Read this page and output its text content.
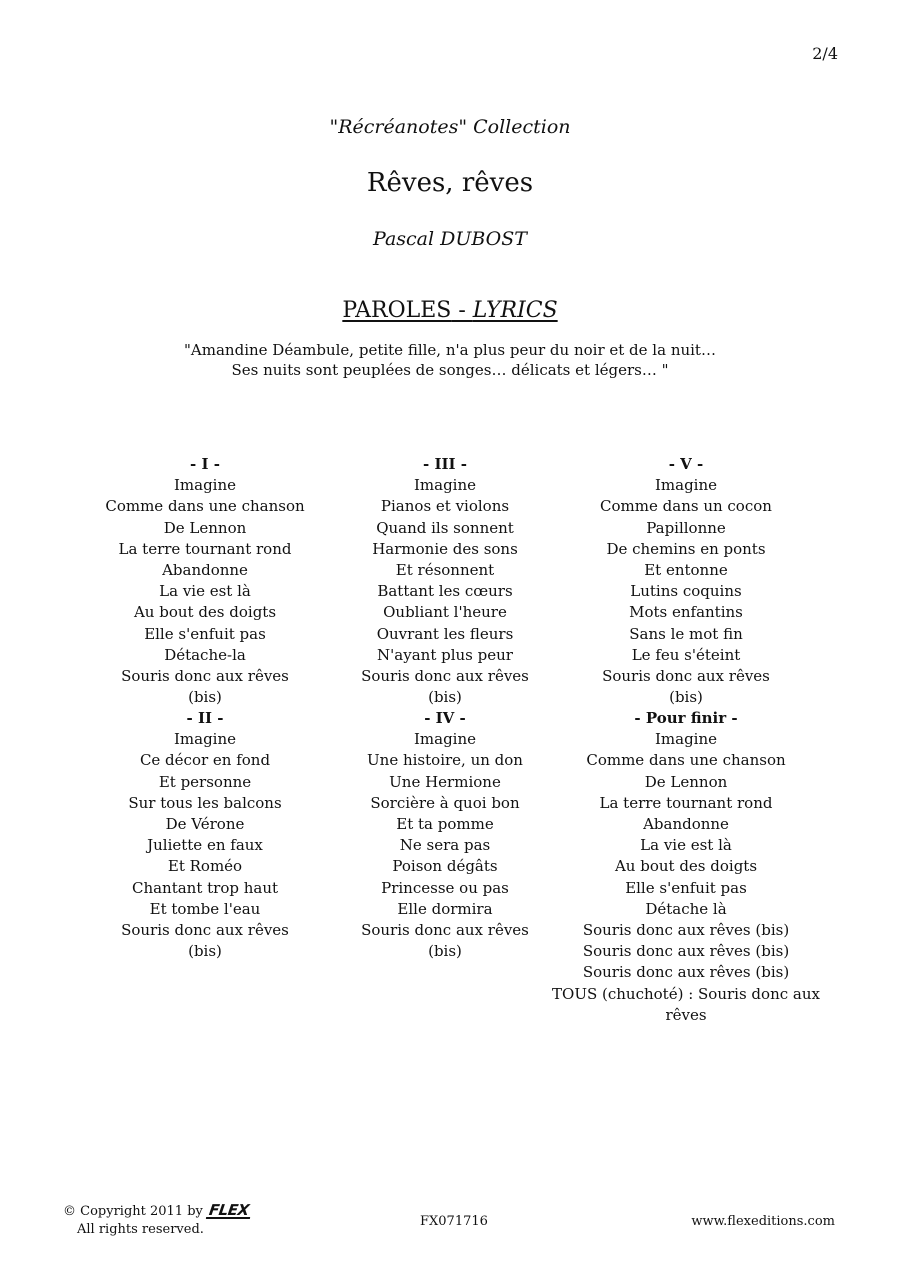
2/4
"Récréanotes" Collection
Rêves, rêves
Pascal DUBOST
PAROLES - LYRICS
"Amandine Déambule, petite fille, n'a plus peur du noir et de la nuit…
Ses nuits sont peuplées de songes… délicats et légers… "
- I -
Imagine
Comme dans une chanson
De Lennon
La terre tournant rond
Abandonne
La vie est là
Au bout des doigts
Elle s'enfuit pas
Détache-la
Souris donc aux rêves (bis)
- III -
Imagine
Pianos et violons
Quand ils sonnent
Harmonie des sons
Et résonnent
Battant les cœurs
Oubliant l'heure
Ouvrant les fleurs
N'ayant plus peur
Souris donc aux rêves (bis)
- V -
Imagine
Comme dans un cocon
Papillonne
De chemins en ponts
Et entonne
Lutins coquins
Mots enfantins
Sans le mot fin
Le feu s'éteint
Souris donc aux rêves (bis)
- II -
Imagine
Ce décor en fond
Et personne
Sur tous les balcons
De Vérone
Juliette en faux
Et Roméo
Chantant trop haut
Et tombe l'eau
Souris donc aux rêves (bis)
- IV -
Imagine
Une histoire, un don
Une Hermione
Sorcière à quoi bon
Et ta pomme
Ne sera pas
Poison dégâts
Princesse ou pas
Elle dormira
Souris donc aux rêves (bis)
- Pour finir -
Imagine
Comme dans une chanson
De Lennon
La terre tournant rond
Abandonne
La vie est là
Au bout des doigts
Elle s'enfuit pas
Détache là
Souris donc aux rêves (bis)
Souris donc aux rêves (bis)
Souris donc aux rêves (bis)
TOUS (chuchoté) : Souris donc aux rêves
© Copyright 2011 by FLEX
All rights reserved.
FX071716	www.flexeditions.com
